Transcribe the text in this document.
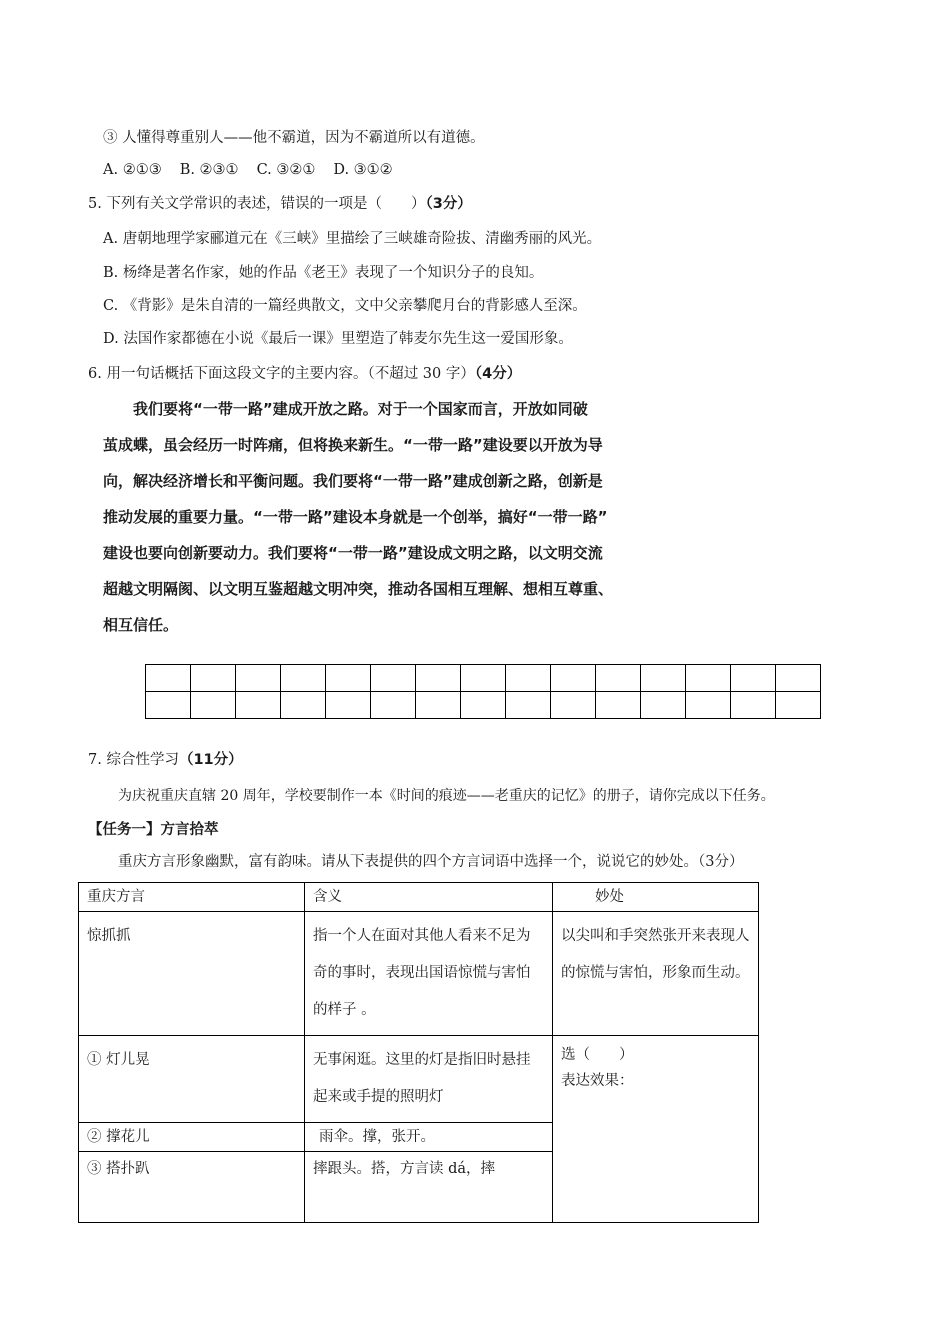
③ 人懂得尊重别人——他不霸道，因为不霸道所以有道德。
A. ②①③ B. ②③① C. ③②① D. ③①②
5. 下列有关文学常识的表述，错误的一项是（　　）（3分）
A. 唐朝地理学家郦道元在《三峡》里描绘了三峡雄奇险拔、清幽秀丽的风光。
B. 杨绛是著名作家，她的作品《老王》表现了一个知识分子的良知。
C. 《背影》是朱自清的一篇经典散文，文中父亲攀爬月台的背影感人至深。
D. 法国作家都德在小说《最后一课》里塑造了韩麦尔先生这一爱国形象。
6. 用一句话概括下面这段文字的主要内容。（不超过 30 字）（4分）
　　我们要将“一带一路”建成开放之路。对于一个国家而言，开放如同破
茧成蝶，虽会经历一时阵痛，但将换来新生。“一带一路”建设要以开放为导
向，解决经济增长和平衡问题。我们要将“一带一路”建成创新之路，创新是
推动发展的重要力量。“一带一路”建设本身就是一个创举，搞好“一带一路”
建设也要向创新要动力。我们要将“一带一路”建设成文明之路，以文明交流
超越文明隔阂、以文明互鉴超越文明冲突，推动各国相互理解、想相互尊重、
相互信任。

7. 综合性学习（11分）
为庆祝重庆直辖 20 周年，学校要制作一本《时间的痕迹——老重庆的记忆》的册子，请你完成以下任务。
【任务一】方言拾萃
重庆方言形象幽默，富有韵味。请从下表提供的四个方言词语中选择一个，说说它的妙处。（3分）
重庆方言	含义	妙处
惊抓抓	指一个人在面对其他人看来不足为奇的事时，表现出国语惊慌与害怕的样子 。	以尖叫和手突然张开来表现人的惊慌与害怕，形象而生动。
① 灯儿晃	无事闲逛。这里的灯是指旧时悬挂起来或手提的照明灯	选（　　）
表达效果：

② 撑花儿	雨伞。撑，张开。	
③ 搭扑趴	摔跟头。搭，方言读 dá，摔	
